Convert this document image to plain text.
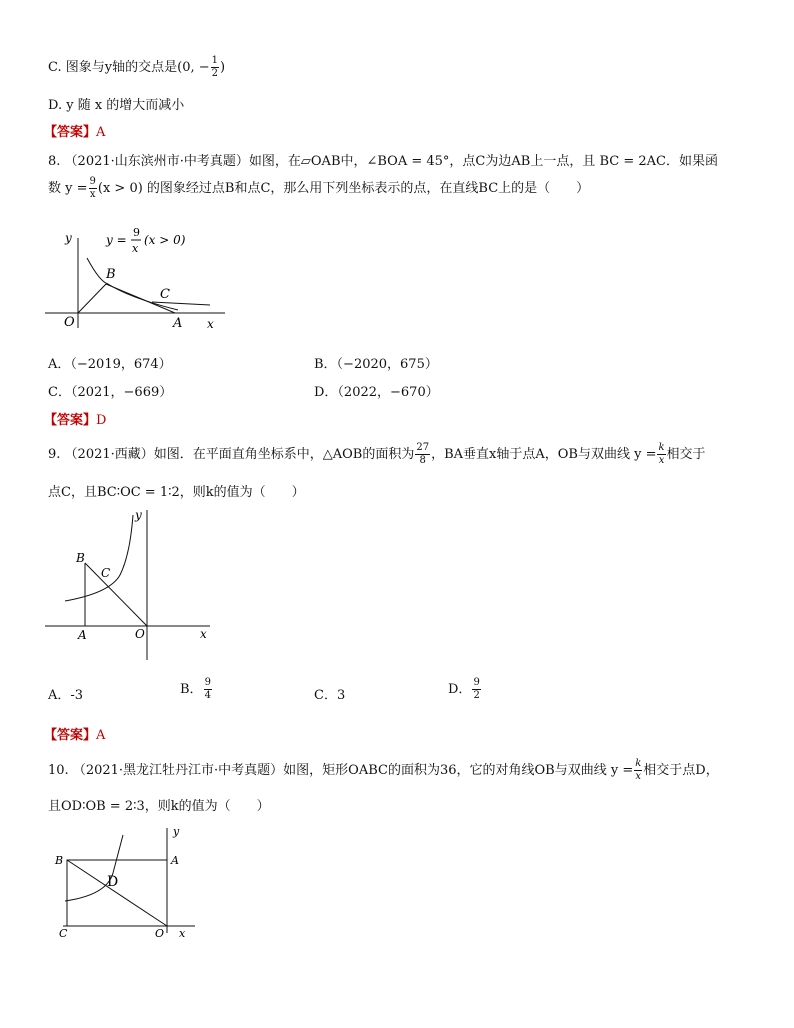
C. 图象与y轴的交点是(0, − $\frac{1}{2}$ )
D. y 随 x 的增大而减小
【答案】A
8. （2021·山东滨州市·中考真题）如图，在▱OAB中，∠BOA = 45°，点C为边AB上一点，且 BC = 2AC．如果函
数 $y = \frac{9}{x} (x > 0)$ 的图象经过点B和点C，那么用下列坐标表示的点，在直线BC上的是（　　）
y
x
O
B
C
A
y =
9
x
(x > 0)
A．（−2019，674）	B．（−2020，675）
C．（2021，−669）	D．（2022，−670）
【答案】D
9. （2021·西藏）如图．在平面直角坐标系中，△AOB的面积为 $\frac{27}{8}$ ，BA垂直x轴于点A，OB与双曲线 $y = \frac{k}{x}$ 相交于
点C，且BC∶OC = 1∶2，则k的值为（　　）
y
x
O
B
C
A
A．-3	B． $\frac{9}{4}$	C．3	D． $\frac{9}{2}$
【答案】A
10. （2021·黑龙江牡丹江市·中考真题）如图，矩形OABC的面积为36，它的对角线OB与双曲线 $y = \frac{k}{x}$ 相交于点D，
且OD∶OB = 2∶3，则k的值为（　　）
y
x
O
B
C
A
D
